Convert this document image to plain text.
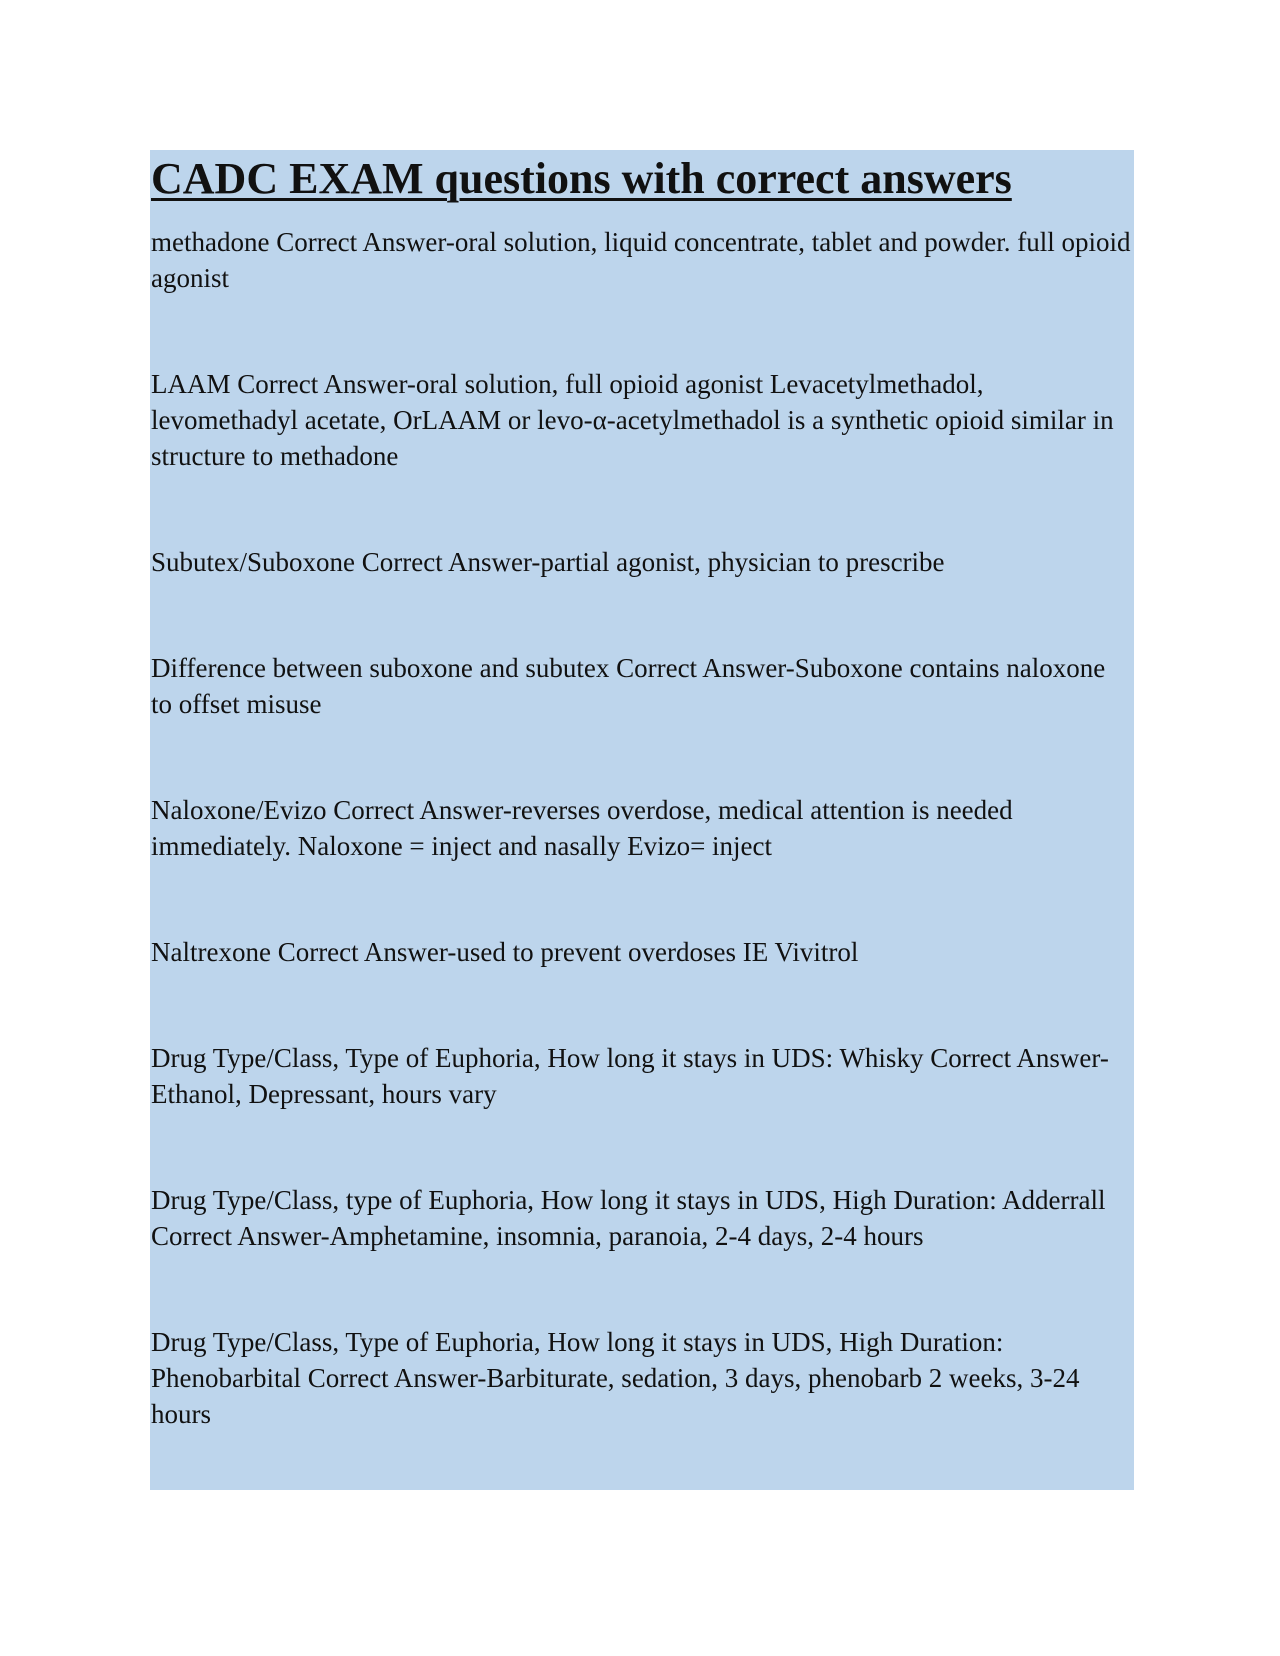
CADC EXAM questions with correct answers

methadone Correct Answer-oral solution, liquid concentrate, tablet and powder. full opioid agonist

LAAM Correct Answer-oral solution, full opioid agonist Levacetylmethadol, levomethadyl acetate, OrLAAM or levo-α-acetylmethadol is a synthetic opioid similar in structure to methadone

Subutex/Suboxone Correct Answer-partial agonist, physician to prescribe

Difference between suboxone and subutex Correct Answer-Suboxone contains naloxone to offset misuse

Naloxone/Evizo Correct Answer-reverses overdose, medical attention is needed immediately. Naloxone = inject and nasally Evizo= inject

Naltrexone Correct Answer-used to prevent overdoses IE Vivitrol

Drug Type/Class, Type of Euphoria, How long it stays in UDS: Whisky Correct Answer-Ethanol, Depressant, hours vary

Drug Type/Class, type of Euphoria, How long it stays in UDS, High Duration: Adderrall Correct Answer-Amphetamine, insomnia, paranoia, 2-4 days, 2-4 hours

Drug Type/Class, Type of Euphoria, How long it stays in UDS, High Duration: Phenobarbital Correct Answer-Barbiturate, sedation, 3 days, phenobarb 2 weeks, 3-24 hours
